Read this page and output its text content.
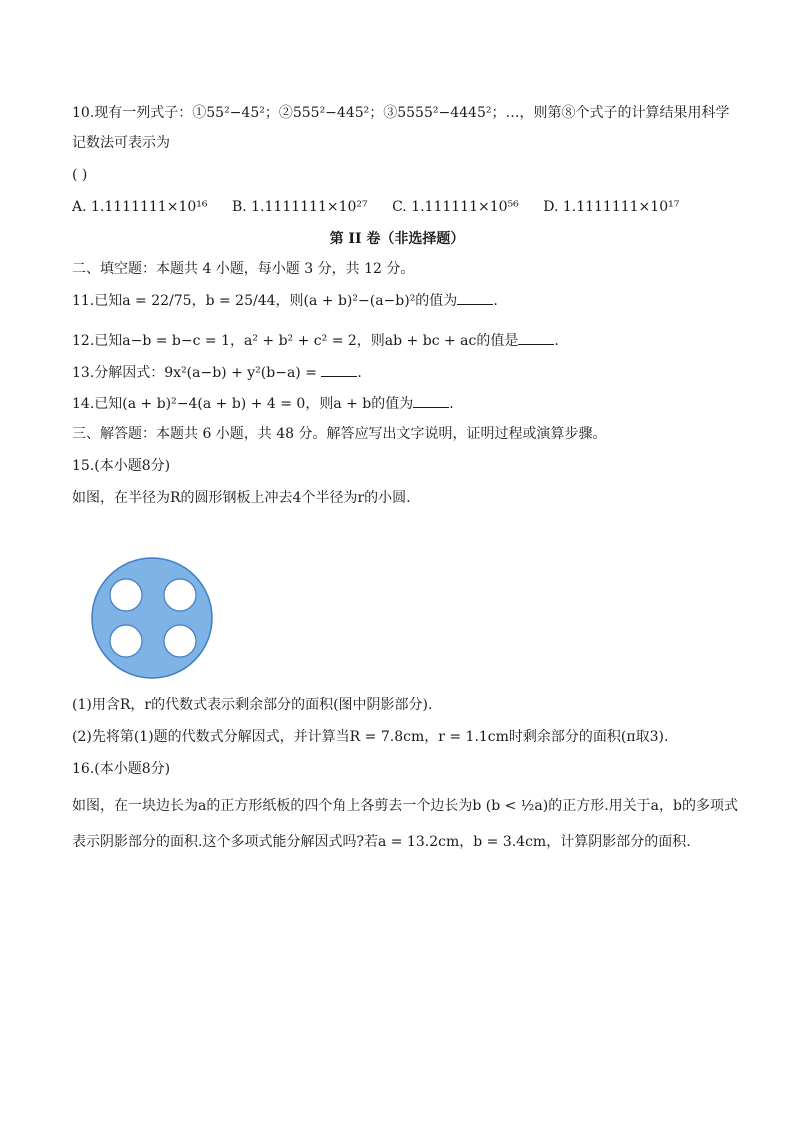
10.现有一列式子：①55²−45²；②555²−445²；③5555²−4445²；…，则第⑧个式子的计算结果用科学
记数法可表示为
( )
A. 1.1111111×10¹⁶ B. 1.1111111×10²⁷ C. 1.111111×10⁵⁶ D. 1.1111111×10¹⁷
第 II 卷（非选择题）
二、填空题：本题共 4 小题，每小题 3 分，共 12 分。
11.已知a = 22/75，b = 25/44，则(a + b)²−(a−b)²的值为	.
12.已知a−b = b−c = 1，a² + b² + c² = 2，则ab + bc + ac的值是	.
13.分解因式：9x²(a−b) + y²(b−a) =	.
14.已知(a + b)²−4(a + b) + 4 = 0，则a + b的值为	.
三、解答题：本题共 6 小题，共 48 分。解答应写出文字说明，证明过程或演算步骤。
15.(本小题8分)
如图，在半径为R的圆形钢板上冲去4个半径为r的小圆.
(1)用含R，r的代数式表示剩余部分的面积(图中阴影部分).
(2)先将第(1)题的代数式分解因式，并计算当R = 7.8cm，r = 1.1cm时剩余部分的面积(π取3).
16.(本小题8分)
如图，在一块边长为a的正方形纸板的四个角上各剪去一个边长为b (b < ½a)的正方形.用关于a，b的多项式
表示阴影部分的面积.这个多项式能分解因式吗?若a = 13.2cm，b = 3.4cm，计算阴影部分的面积.
